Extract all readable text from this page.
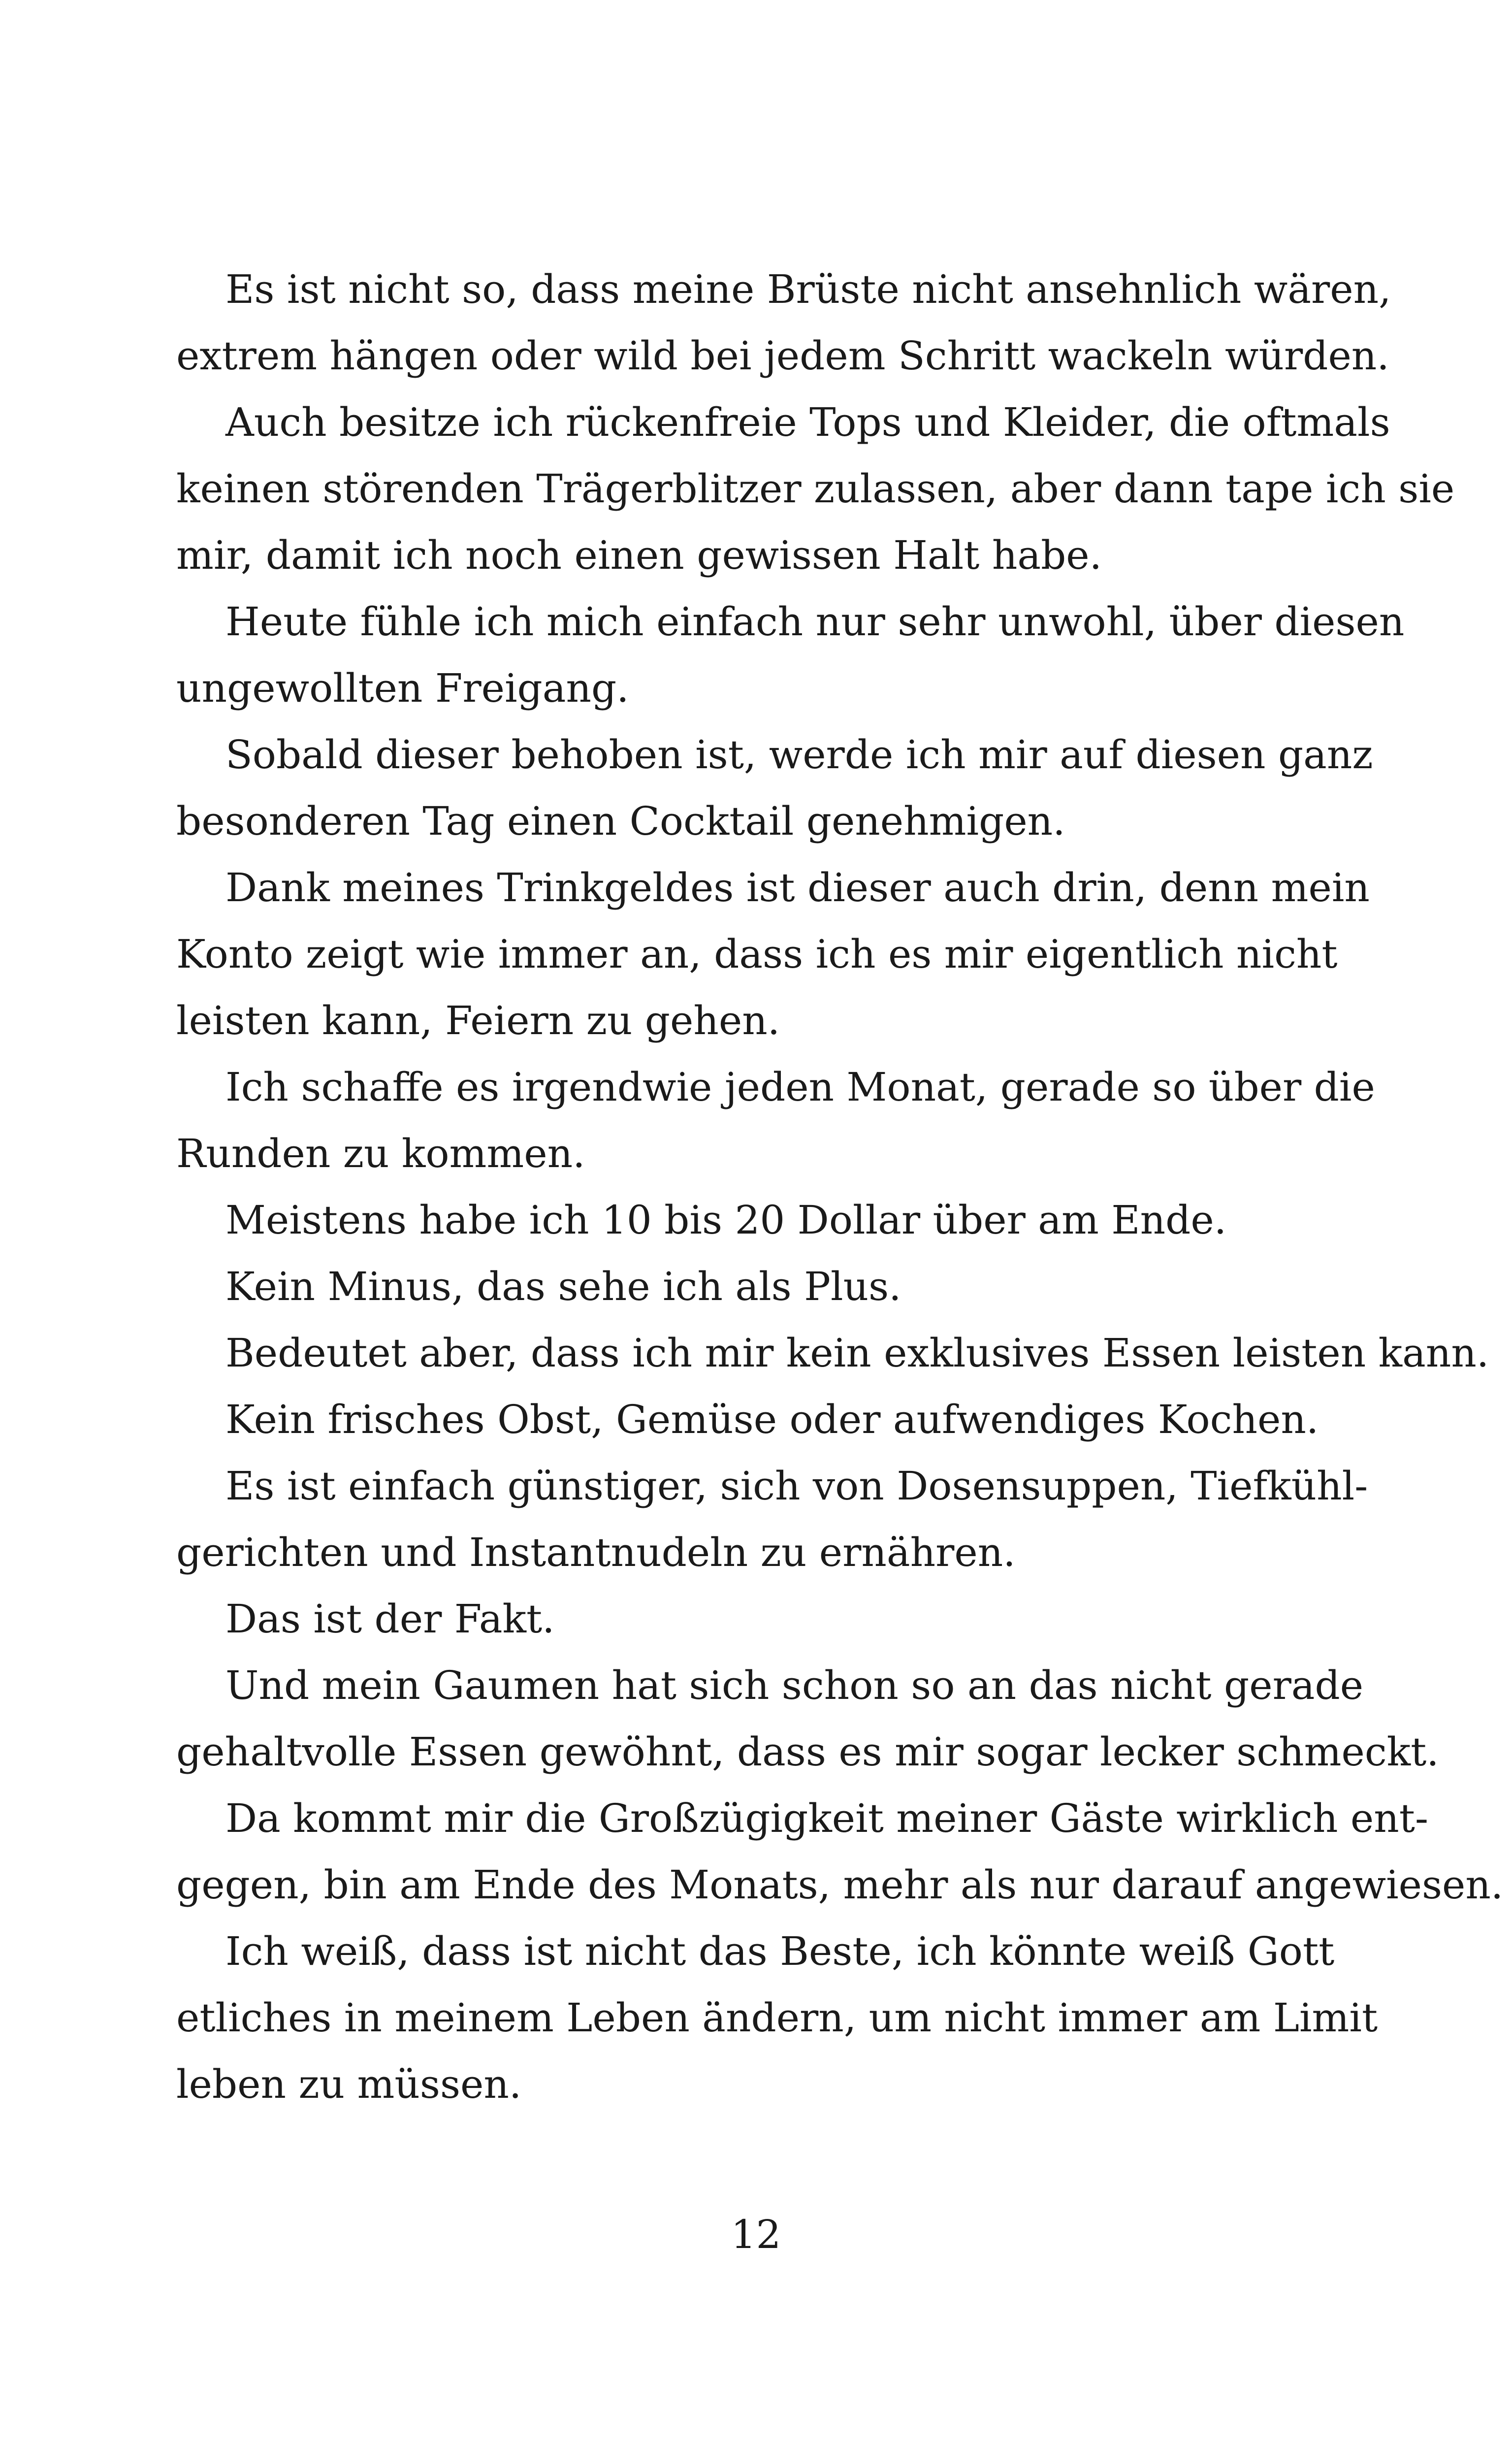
Es ist nicht so, dass meine Brüste nicht ansehnlich wären,
extrem hängen oder wild bei jedem Schritt wackeln würden.
Auch besitze ich rückenfreie Tops und Kleider, die oftmals
keinen störenden Trägerblitzer zulassen, aber dann tape ich sie
mir, damit ich noch einen gewissen Halt habe.
Heute fühle ich mich einfach nur sehr unwohl, über diesen
ungewollten Freigang.
Sobald dieser behoben ist, werde ich mir auf diesen ganz
besonderen Tag einen Cocktail genehmigen.
Dank meines Trinkgeldes ist dieser auch drin, denn mein
Konto zeigt wie immer an, dass ich es mir eigentlich nicht
leisten kann, Feiern zu gehen.
Ich schaffe es irgendwie jeden Monat, gerade so über die
Runden zu kommen.
Meistens habe ich 10 bis 20 Dollar über am Ende.
Kein Minus, das sehe ich als Plus.
Bedeutet aber, dass ich mir kein exklusives Essen leisten kann.
Kein frisches Obst, Gemüse oder aufwendiges Kochen.
Es ist einfach günstiger, sich von Dosensuppen, Tiefkühl-
gerichten und Instantnudeln zu ernähren.
Das ist der Fakt.
Und mein Gaumen hat sich schon so an das nicht gerade
gehaltvolle Essen gewöhnt, dass es mir sogar lecker schmeckt.
Da kommt mir die Großzügigkeit meiner Gäste wirklich ent-
gegen, bin am Ende des Monats, mehr als nur darauf angewiesen.
Ich weiß, dass ist nicht das Beste, ich könnte weiß Gott
etliches in meinem Leben ändern, um nicht immer am Limit
leben zu müssen.
12
